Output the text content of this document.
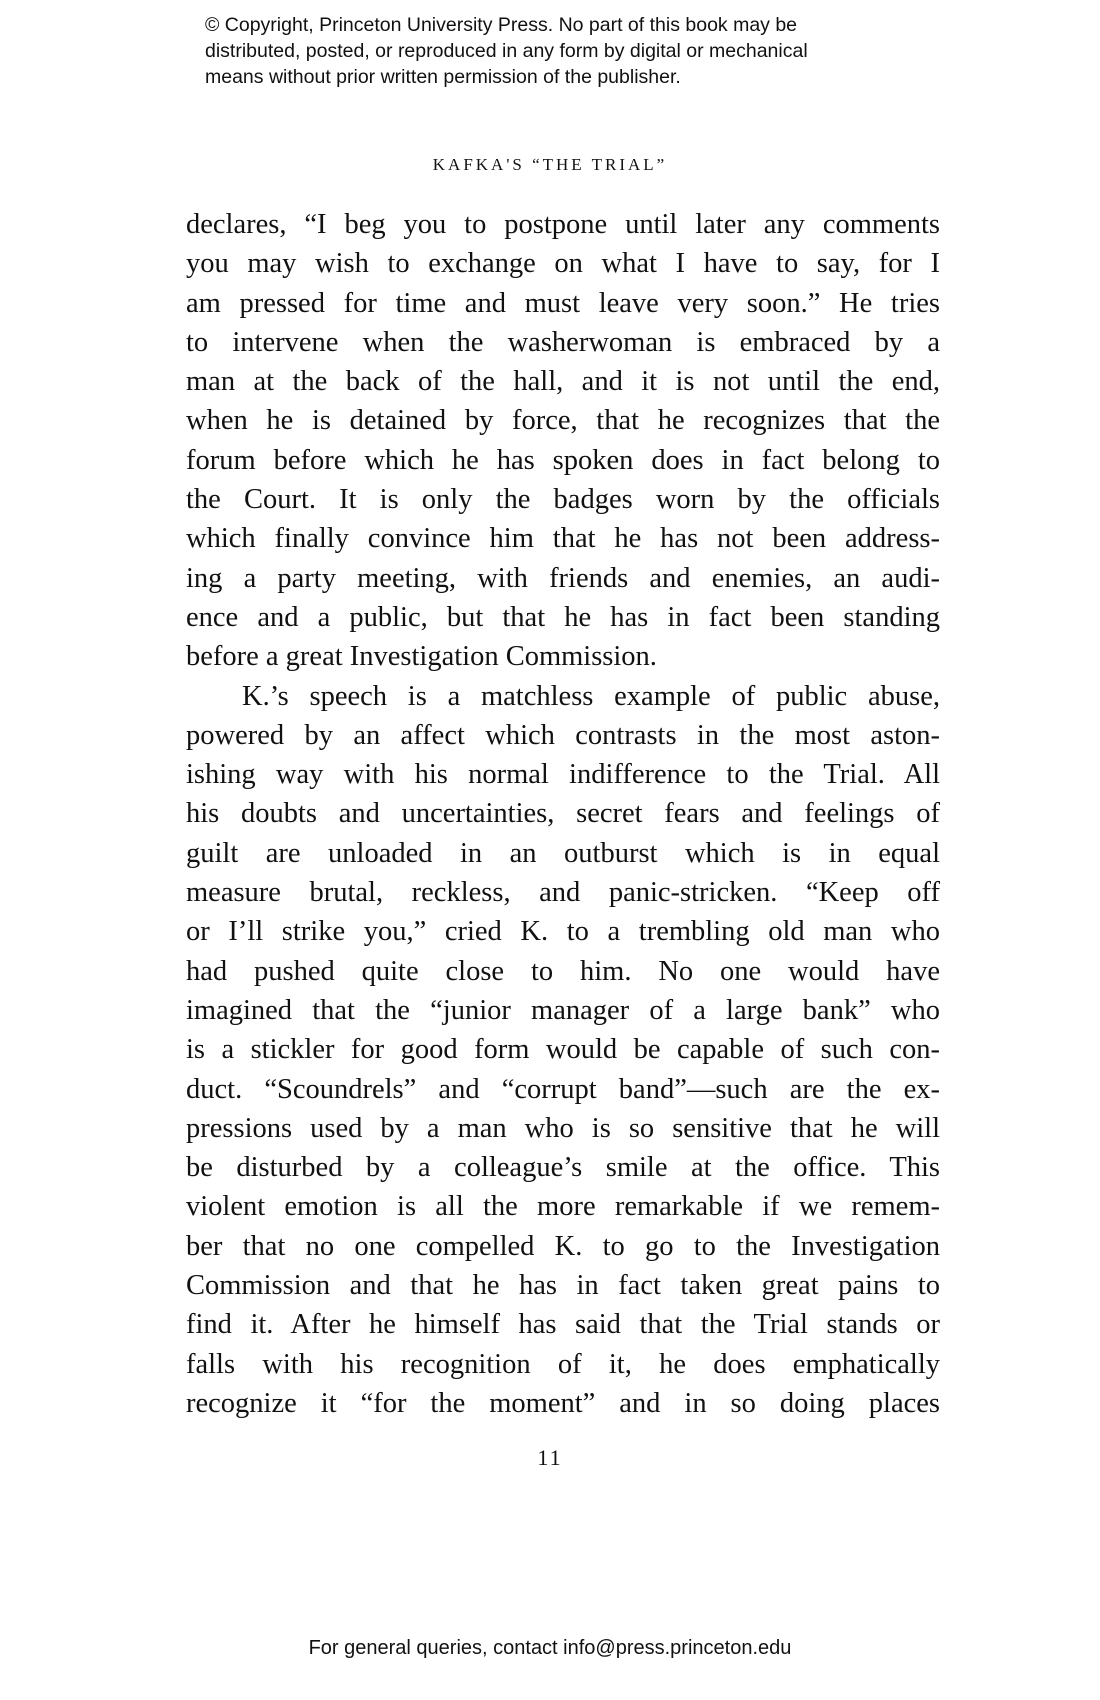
© Copyright, Princeton University Press. No part of this book may be
distributed, posted, or reproduced in any form by digital or mechanical
means without prior written permission of the publisher.
KAFKA'S “THE TRIAL”
declares, “I beg you to postpone until later any comments
you may wish to exchange on what I have to say, for I
am pressed for time and must leave very soon.” He tries
to intervene when the washerwoman is embraced by a
man at the back of the hall, and it is not until the end,
when he is detained by force, that he recognizes that the
forum before which he has spoken does in fact belong to
the Court. It is only the badges worn by the officials
which finally convince him that he has not been address-
ing a party meeting, with friends and enemies, an audi-
ence and a public, but that he has in fact been standing
before a great Investigation Commission.
K.’s speech is a matchless example of public abuse,
powered by an affect which contrasts in the most aston-
ishing way with his normal indifference to the Trial. All
his doubts and uncertainties, secret fears and feelings of
guilt are unloaded in an outburst which is in equal
measure brutal, reckless, and panic-stricken. “Keep off
or I’ll strike you,” cried K. to a trembling old man who
had pushed quite close to him. No one would have
imagined that the “junior manager of a large bank” who
is a stickler for good form would be capable of such con-
duct. “Scoundrels” and “corrupt band”—such are the ex-
pressions used by a man who is so sensitive that he will
be disturbed by a colleague’s smile at the office. This
violent emotion is all the more remarkable if we remem-
ber that no one compelled K. to go to the Investigation
Commission and that he has in fact taken great pains to
find it. After he himself has said that the Trial stands or
falls with his recognition of it, he does emphatically
recognize it “for the moment” and in so doing places
11
For general queries, contact info@press.princeton.edu
